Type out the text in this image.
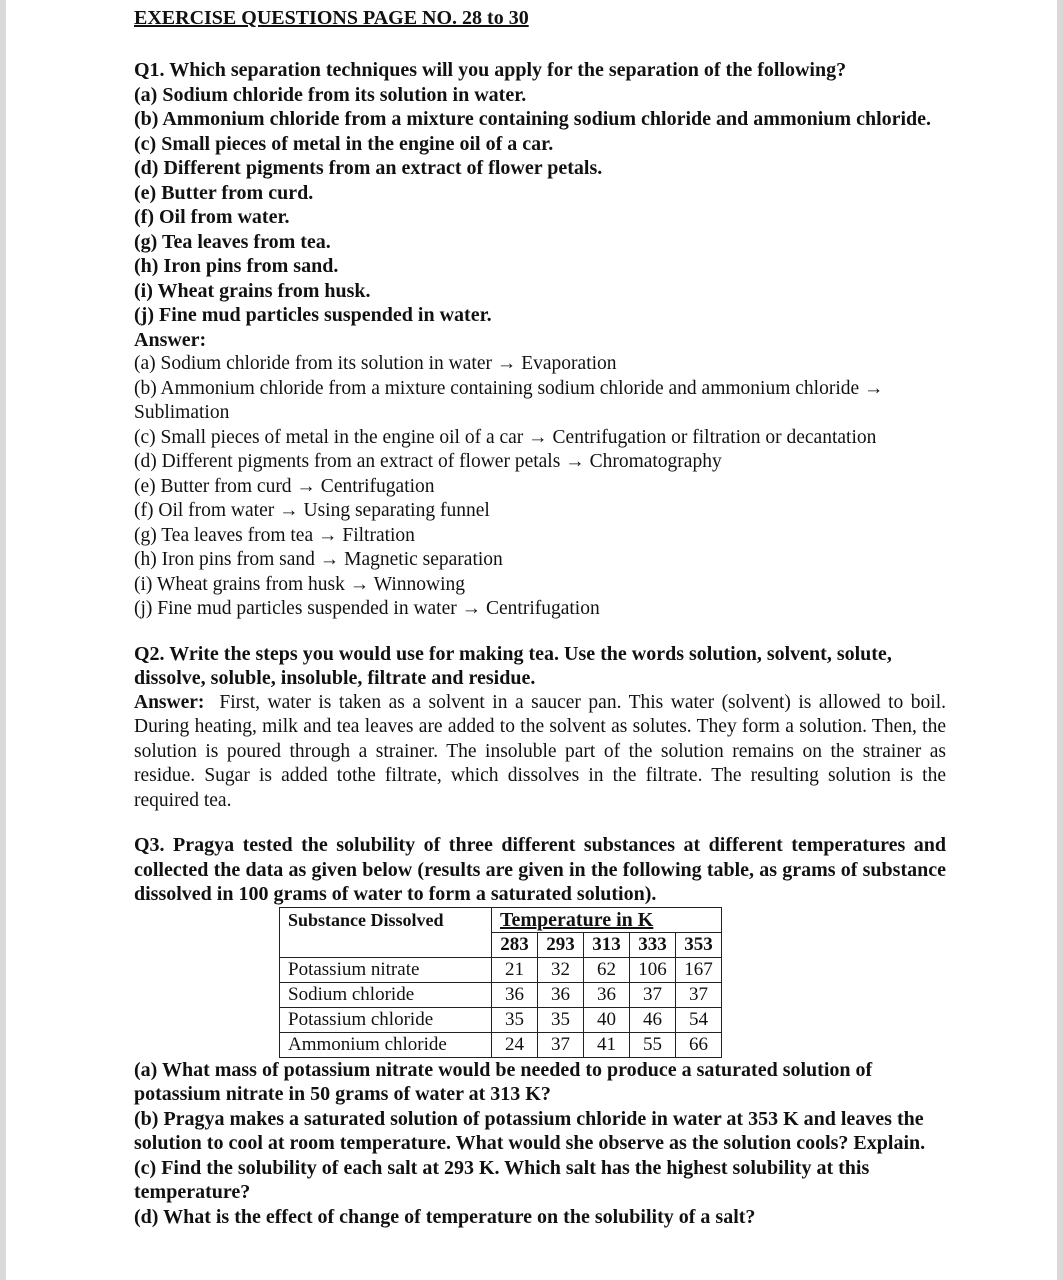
EXERCISE QUESTIONS PAGE NO. 28 to 30
Q1. Which separation techniques will you apply for the separation of the following?
(a) Sodium chloride from its solution in water.
(b) Ammonium chloride from a mixture containing sodium chloride and ammonium chloride.
(c) Small pieces of metal in the engine oil of a car.
(d) Different pigments from an extract of flower petals.
(e) Butter from curd.
(f) Oil from water.
(g) Tea leaves from tea.
(h) Iron pins from sand.
(i) Wheat grains from husk.
(j) Fine mud particles suspended in water.
Answer:
(a) Sodium chloride from its solution in water → Evaporation
(b) Ammonium chloride from a mixture containing sodium chloride and ammonium chloride → Sublimation
(c) Small pieces of metal in the engine oil of a car → Centrifugation or filtration or decantation
(d) Different pigments from an extract of flower petals → Chromatography
(e) Butter from curd → Centrifugation
(f) Oil from water → Using separating funnel
(g) Tea leaves from tea → Filtration
(h) Iron pins from sand → Magnetic separation
(i) Wheat grains from husk → Winnowing
(j) Fine mud particles suspended in water → Centrifugation
Q2. Write the steps you would use for making tea. Use the words solution, solvent, solute, dissolve, soluble, insoluble, filtrate and residue.
Answer: First, water is taken as a solvent in a saucer pan. This water (solvent) is allowed to boil. During heating, milk and tea leaves are added to the solvent as solutes. They form a solution. Then, the solution is poured through a strainer. The insoluble part of the solution remains on the strainer as residue. Sugar is added tothe filtrate, which dissolves in the filtrate. The resulting solution is the required tea.
Q3. Pragya tested the solubility of three different substances at different temperatures and collected the data as given below (results are given in the following table, as grams of substance dissolved in 100 grams of water to form a saturated solution).
Substance Dissolved	Temperature in K				
	283	293	313	333	353
Potassium nitrate	21	32	62	106	167
Sodium chloride	36	36	36	37	37
Potassium chloride	35	35	40	46	54
Ammonium chloride	24	37	41	55	66
(a) What mass of potassium nitrate would be needed to produce a saturated solution of potassium nitrate in 50 grams of water at 313 K?
(b) Pragya makes a saturated solution of potassium chloride in water at 353 K and leaves the solution to cool at room temperature. What would she observe as the solution cools? Explain.
(c) Find the solubility of each salt at 293 K. Which salt has the highest solubility at this temperature?
(d) What is the effect of change of temperature on the solubility of a salt?
